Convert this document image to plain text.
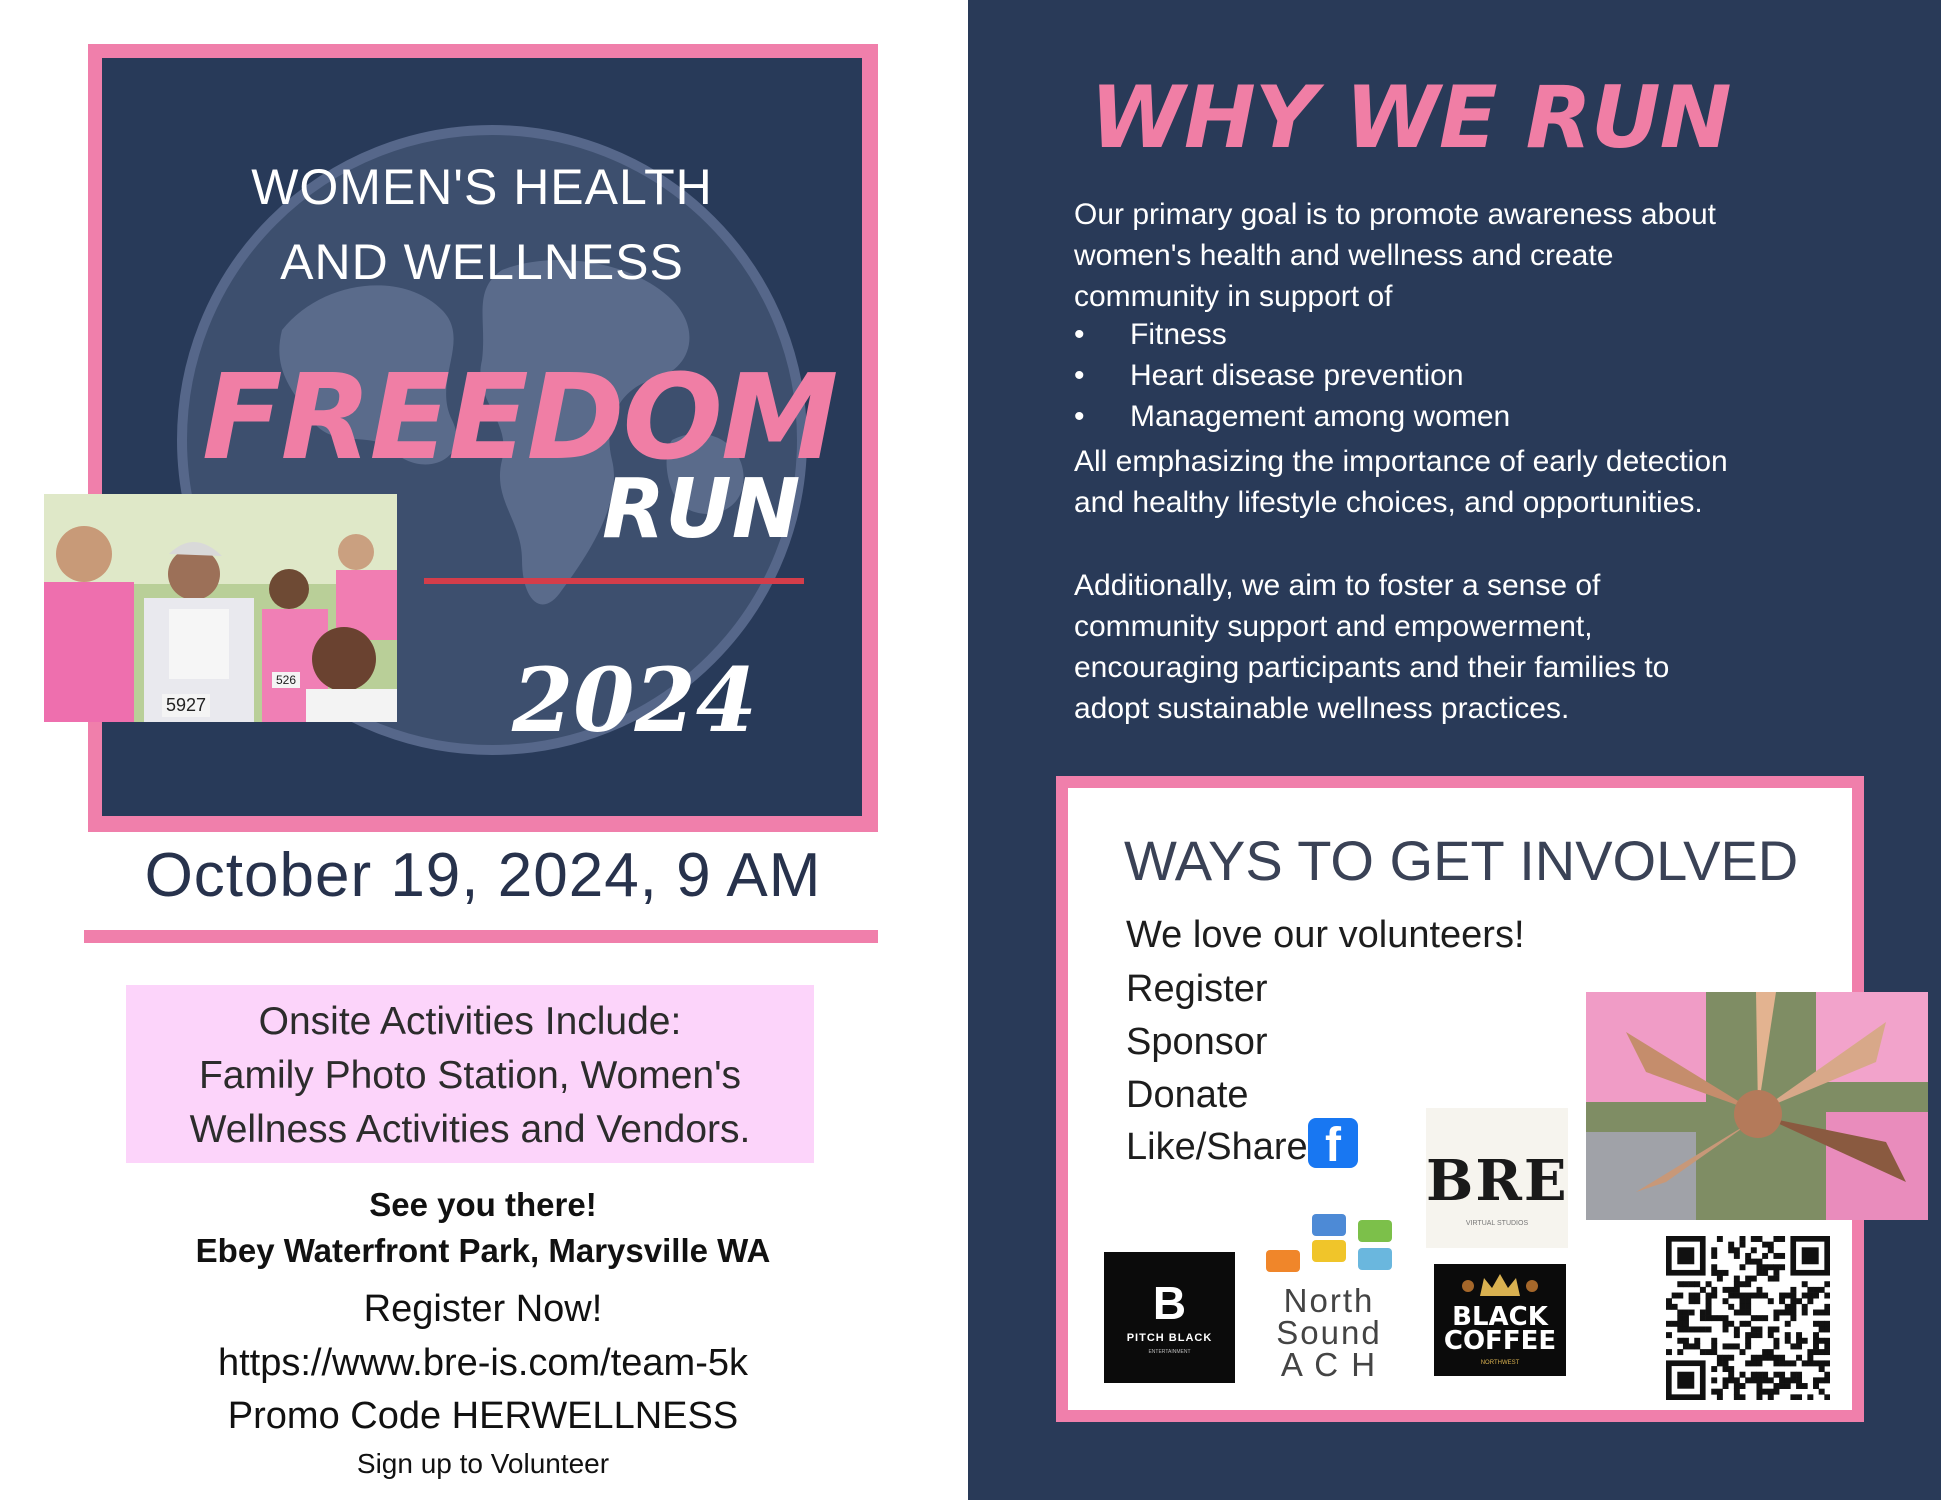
WOMEN'S HEALTH
AND WELLNESS
FREEDOM
RUN
2024
5927
526
October 19, 2024, 9 AM
Onsite Activities Include:
Family Photo Station, Women's
Wellness Activities and Vendors.
See you there!
Ebey Waterfront Park, Marysville WA
Register Now!
https://www.bre-is.com/team-5k
Promo Code HERWELLNESS
Sign up to Volunteer
WHY WE RUN
Our primary goal is to promote awareness about
women's health and wellness and create
community in support of
• Fitness
• Heart disease prevention
• Management among women
All emphasizing the importance of early detection
and healthy lifestyle choices, and opportunities.
Additionally, we aim to foster a sense of
community support and empowerment,
encouraging participants and their families to
adopt sustainable wellness practices.
WAYS TO GET INVOLVED
We love our volunteers!
Register
Sponsor
Donate
Like/Share f
BRE
VIRTUAL STUDIOS
B
PITCH BLACK
ENTERTAINMENT
North
Sound
A C H
BLACK
COFFEE
NORTHWEST
